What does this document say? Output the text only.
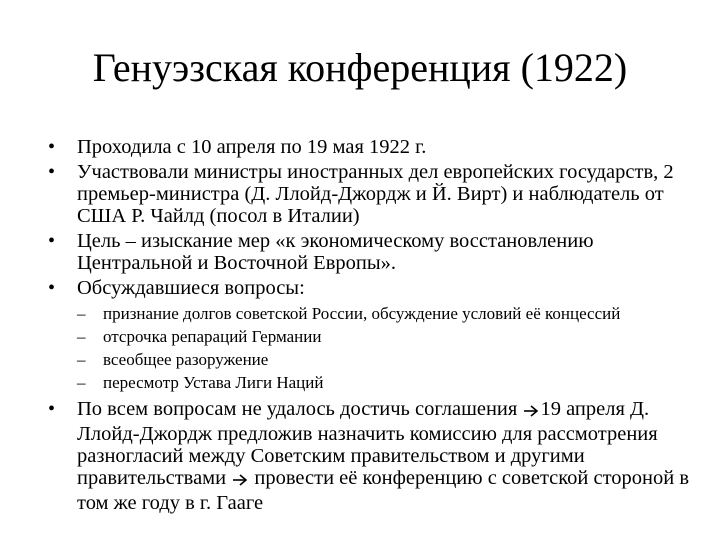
Генуэзская конференция (1922)
• Проходила с 10 апреля по 19 мая 1922 г.
• Участвовали министры иностранных дел европейских государств, 2 премьер-министра (Д. Ллойд-Джордж и Й. Вирт) и наблюдатель от США Р. Чайлд (посол в Италии)
• Цель – изыскание мер «к экономическому восстановлению Центральной и Восточной Европы».
• Обсуждавшиеся вопросы:
– признание долгов советской России, обсуждение условий её концессий
– отсрочка репараций Германии
– всеобщее разоружение
– пересмотр Устава Лиги Наций
• По всем вопросам не удалось достичь соглашения 19 апреля Д. Ллойд-Джордж предложив назначить комиссию для рассмотрения разногласий между Советским правительством и другими правительствами  провести её конференцию с советской стороной в том же году в г. Гааге
